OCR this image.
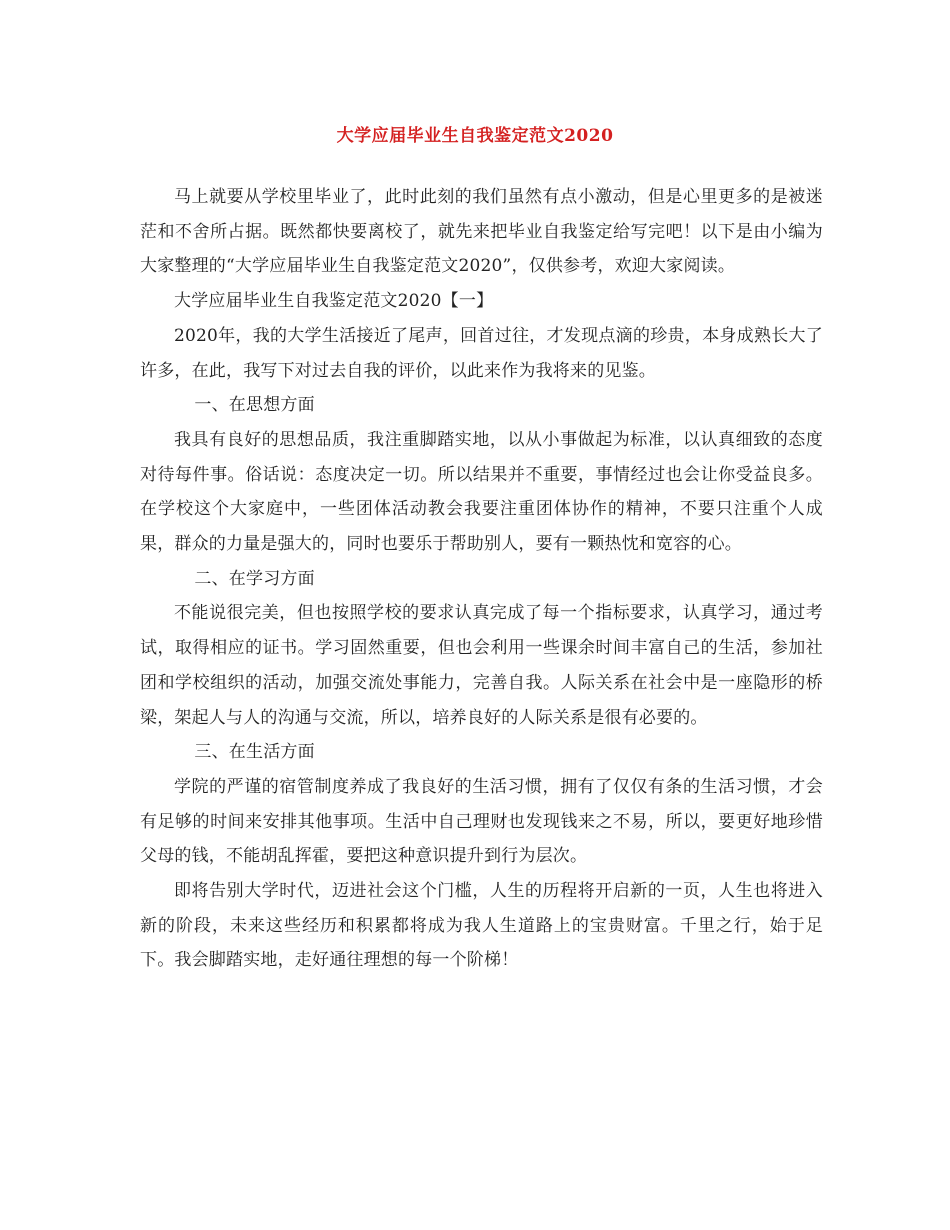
大学应届毕业生自我鉴定范文2020

马上就要从学校里毕业了，此时此刻的我们虽然有点小激动，但是心里更多的是被迷茫和不舍所占据。既然都快要离校了，就先来把毕业自我鉴定给写完吧！以下是由小编为大家整理的“大学应届毕业生自我鉴定范文2020”，仅供参考，欢迎大家阅读。

大学应届毕业生自我鉴定范文2020【一】

2020年，我的大学生活接近了尾声，回首过往，才发现点滴的珍贵，本身成熟长大了许多，在此，我写下对过去自我的评价，以此来作为我将来的见鉴。

一、在思想方面

我具有良好的思想品质，我注重脚踏实地，以从小事做起为标准，以认真细致的态度对待每件事。俗话说：态度决定一切。所以结果并不重要，事情经过也会让你受益良多。在学校这个大家庭中，一些团体活动教会我要注重团体协作的精神，不要只注重个人成果，群众的力量是强大的，同时也要乐于帮助别人，要有一颗热忱和宽容的心。

二、在学习方面

不能说很完美，但也按照学校的要求认真完成了每一个指标要求，认真学习，通过考试，取得相应的证书。学习固然重要，但也会利用一些课余时间丰富自己的生活，参加社团和学校组织的活动，加强交流处事能力，完善自我。人际关系在社会中是一座隐形的桥梁，架起人与人的沟通与交流，所以，培养良好的人际关系是很有必要的。

三、在生活方面

学院的严谨的宿管制度养成了我良好的生活习惯，拥有了仅仅有条的生活习惯，才会有足够的时间来安排其他事项。生活中自己理财也发现钱来之不易，所以，要更好地珍惜父母的钱，不能胡乱挥霍，要把这种意识提升到行为层次。

即将告别大学时代，迈进社会这个门槛，人生的历程将开启新的一页，人生也将进入新的阶段，未来这些经历和积累都将成为我人生道路上的宝贵财富。千里之行，始于足下。我会脚踏实地，走好通往理想的每一个阶梯！
